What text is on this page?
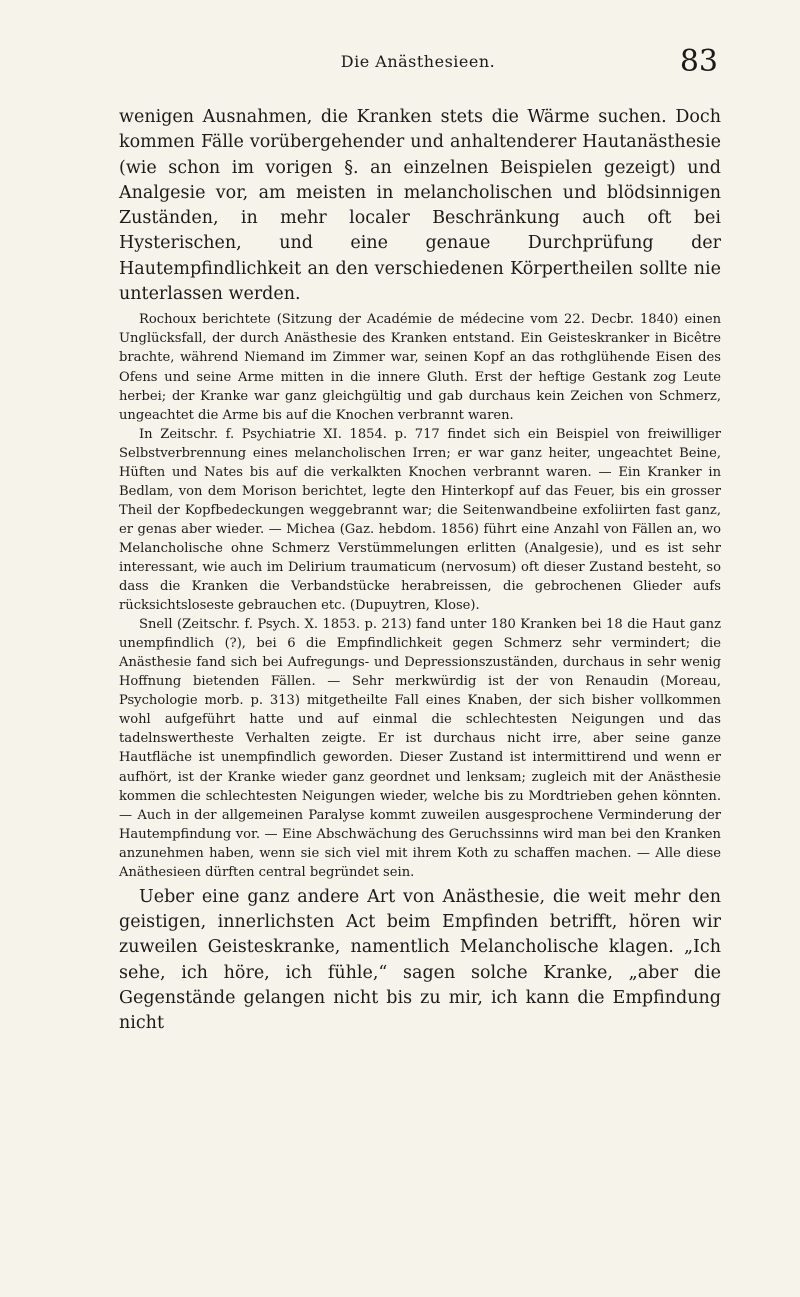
Die Anästhesieen.	83

wenigen Ausnahmen, die Kranken stets die Wärme suchen. Doch kommen Fälle vorübergehender und anhaltenderer Hautanästhesie (wie schon im vorigen §. an einzelnen Beispielen gezeigt) und Analgesie vor, am meisten in melancholischen und blödsinnigen Zuständen, in mehr localer Beschränkung auch oft bei Hysterischen, und eine genaue Durchprüfung der Hautempfindlichkeit an den verschiedenen Körpertheilen sollte nie unterlassen werden.

Rochoux berichtete (Sitzung der Académie de médecine vom 22. Decbr. 1840) einen Unglücksfall, der durch Anästhesie des Kranken entstand. Ein Geisteskranker in Bicêtre brachte, während Niemand im Zimmer war, seinen Kopf an das rothglühende Eisen des Ofens und seine Arme mitten in die innere Gluth. Erst der heftige Gestank zog Leute herbei; der Kranke war ganz gleichgültig und gab durchaus kein Zeichen von Schmerz, ungeachtet die Arme bis auf die Knochen verbrannt waren.

In Zeitschr. f. Psychiatrie XI. 1854. p. 717 findet sich ein Beispiel von freiwilliger Selbstverbrennung eines melancholischen Irren; er war ganz heiter, ungeachtet Beine, Hüften und Nates bis auf die verkalkten Knochen verbrannt waren. — Ein Kranker in Bedlam, von dem Morison berichtet, legte den Hinterkopf auf das Feuer, bis ein grosser Theil der Kopfbedeckungen weggebrannt war; die Seitenwandbeine exfoliirten fast ganz, er genas aber wieder. — Michea (Gaz. hebdom. 1856) führt eine Anzahl von Fällen an, wo Melancholische ohne Schmerz Verstümmelungen erlitten (Analgesie), und es ist sehr interessant, wie auch im Delirium traumaticum (nervosum) oft dieser Zustand besteht, so dass die Kranken die Verbandstücke herabreissen, die gebrochenen Glieder aufs rücksichtsloseste gebrauchen etc. (Dupuytren, Klose).

Snell (Zeitschr. f. Psych. X. 1853. p. 213) fand unter 180 Kranken bei 18 die Haut ganz unempfindlich (?), bei 6 die Empfindlichkeit gegen Schmerz sehr vermindert; die Anästhesie fand sich bei Aufregungs- und Depressionszuständen, durchaus in sehr wenig Hoffnung bietenden Fällen. — Sehr merkwürdig ist der von Renaudin (Moreau, Psychologie morb. p. 313) mitgetheilte Fall eines Knaben, der sich bisher vollkommen wohl aufgeführt hatte und auf einmal die schlechtesten Neigungen und das tadelnswertheste Verhalten zeigte. Er ist durchaus nicht irre, aber seine ganze Hautfläche ist unempfindlich geworden. Dieser Zustand ist intermittirend und wenn er aufhört, ist der Kranke wieder ganz geordnet und lenksam; zugleich mit der Anästhesie kommen die schlechtesten Neigungen wieder, welche bis zu Mordtrieben gehen könnten. — Auch in der allgemeinen Paralyse kommt zuweilen ausgesprochene Verminderung der Hautempfindung vor. — Eine Abschwächung des Geruchssinns wird man bei den Kranken anzunehmen haben, wenn sie sich viel mit ihrem Koth zu schaffen machen. — Alle diese Anäthesieen dürften central begründet sein.

Ueber eine ganz andere Art von Anästhesie, die weit mehr den geistigen, innerlichsten Act beim Empfinden betrifft, hören wir zuweilen Geisteskranke, namentlich Melancholische klagen. „Ich sehe, ich höre, ich fühle,“ sagen solche Kranke, „aber die Gegenstände gelangen nicht bis zu mir, ich kann die Empfindung nicht
